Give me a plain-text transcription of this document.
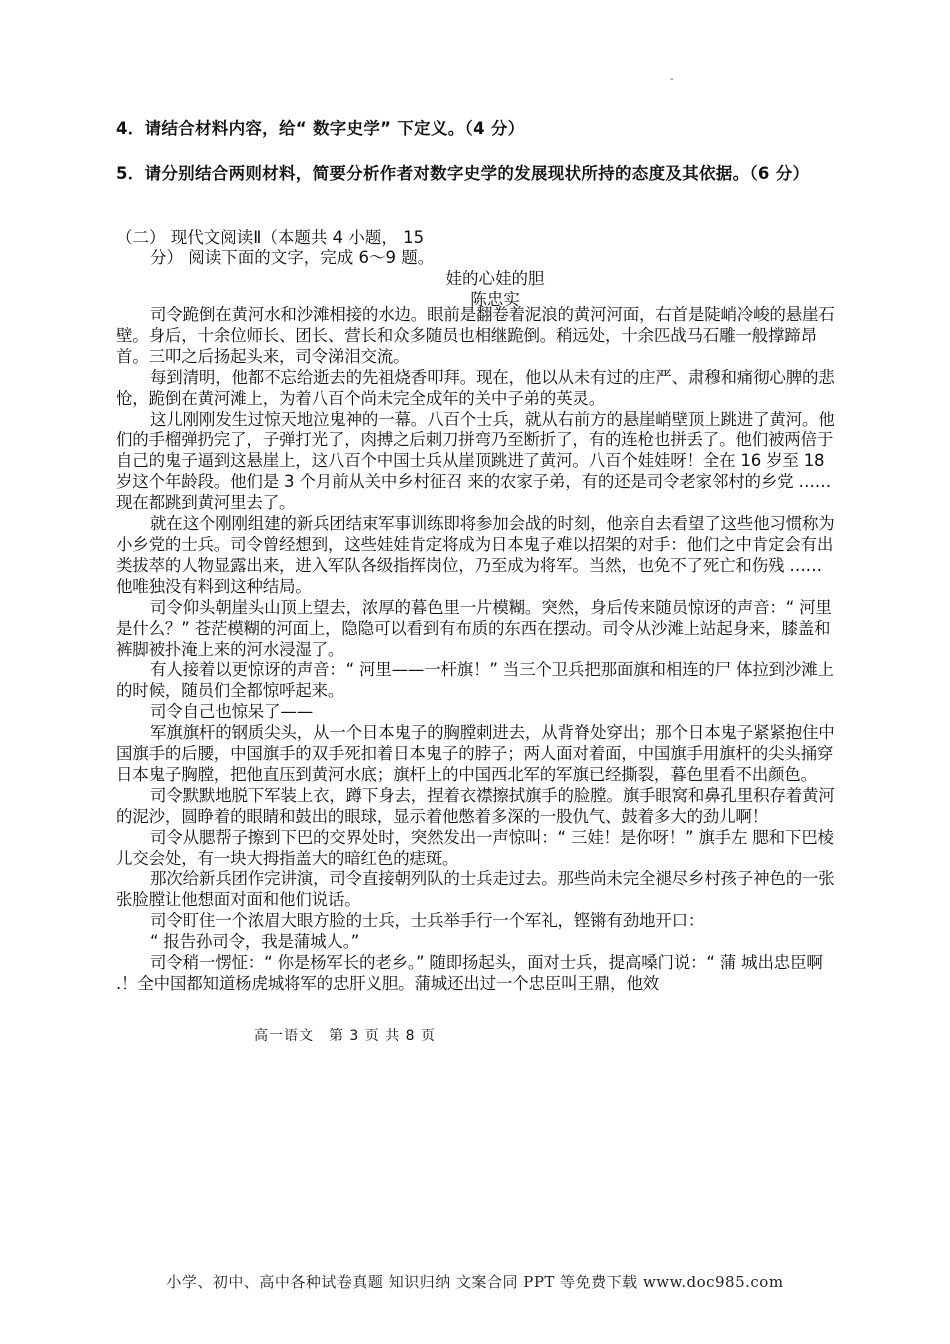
-
4．请结合材料内容，给“ 数字史学” 下定义。（4 分）
5．请分别结合两则材料，简要分析作者对数字史学的发展现状所持的态度及其依据。（6 分）
（二） 现代文阅读Ⅱ（本题共 4 小题， 15
分） 阅读下面的文字，完成 6～9 题。
娃的心娃的胆
陈忠实

司令跪倒在黄河水和沙滩相接的水边。眼前是翻卷着泥浪的黄河河面，右首是陡峭冷峻的悬崖石壁。身后，十余位师长、团长、营长和众多随员也相继跪倒。稍远处，十余匹战马石雕一般撑蹄昂首。三叩之后扬起头来，司令涕泪交流。

每到清明，他都不忘给逝去的先祖烧香叩拜。现在，他以从未有过的庄严、肃穆和痛彻心脾的悲怆，跪倒在黄河滩上，为着八百个尚未完全成年的关中子弟的英灵。

这儿刚刚发生过惊天地泣鬼神的一幕。八百个士兵，就从右前方的悬崖峭壁顶上跳进了黄河。他们的手榴弹扔完了，子弹打光了，肉搏之后刺刀拼弯乃至断折了，有的连枪也拼丢了。他们被两倍于自己的鬼子逼到这悬崖上，这八百个中国士兵从崖顶跳进了黄河。八百个娃娃呀！全在 16 岁至 18 岁这个年龄段。他们是 3 个月前从关中乡村征召 来的农家子弟，有的还是司令老家邻村的乡党 ……现在都跳到黄河里去了。

就在这个刚刚组建的新兵团结束军事训练即将参加会战的时刻，他亲自去看望了这些他习惯称为小乡党的士兵。司令曾经想到，这些娃娃肯定将成为日本鬼子难以招架的对手：他们之中肯定会有出类拔萃的人物显露出来，进入军队各级指挥岗位，乃至成为将军。当然，也免不了死亡和伤残 ……他唯独没有料到这种结局。

司令仰头朝崖头山顶上望去，浓厚的暮色里一片模糊。突然，身后传来随员惊讶的声音：“ 河里是什么？” 苍茫模糊的河面上，隐隐可以看到有布质的东西在摆动。司令从沙滩上站起身来，膝盖和裤脚被扑淹上来的河水浸湿了。

有人接着以更惊讶的声音：“ 河里——一杆旗！” 当三个卫兵把那面旗和相连的尸 体拉到沙滩上的时候，随员们全都惊呼起来。

司令自己也惊呆了——

军旗旗杆的钢质尖头，从一个日本鬼子的胸膛刺进去，从背脊处穿出；那个日本鬼子紧紧抱住中国旗手的后腰，中国旗手的双手死扣着日本鬼子的脖子；两人面对着面，中国旗手用旗杆的尖头捅穿日本鬼子胸膛，把他直压到黄河水底；旗杆上的中国西北军的军旗已经撕裂，暮色里看不出颜色。

司令默默地脱下军装上衣，蹲下身去，捏着衣襟擦拭旗手的脸膛。旗手眼窝和鼻孔里积存着黄河的泥沙，圆睁着的眼睛和鼓出的眼球，显示着他憋着多深的一股仇气、鼓着多大的劲儿啊！

司令从腮帮子擦到下巴的交界处时，突然发出一声惊叫：“ 三娃！是你呀！” 旗手左 腮和下巴棱儿交会处，有一块大拇指盖大的暗红色的痣斑。

那次给新兵团作完讲演，司令直接朝列队的士兵走过去。那些尚未完全褪尽乡村孩子神色的一张张脸膛让他想面对面和他们说话。

司令盯住一个浓眉大眼方脸的士兵，士兵举手行一个军礼，铿锵有劲地开口：

“ 报告孙司令，我是蒲城人。”

司令稍一愣怔：“ 你是杨军长的老乡。” 随即扬起头，面对士兵，提高嗓门说：“ 蒲 城出忠臣啊 .！全中国都知道杨虎城将军的忠肝义胆。蒲城还出过一个忠臣叫王鼎，他效

高一语文　第 3 页 共 8 页
小学、初中、高中各种试卷真题 知识归纳 文案合同 PPT 等免费下载 www.doc985.com
